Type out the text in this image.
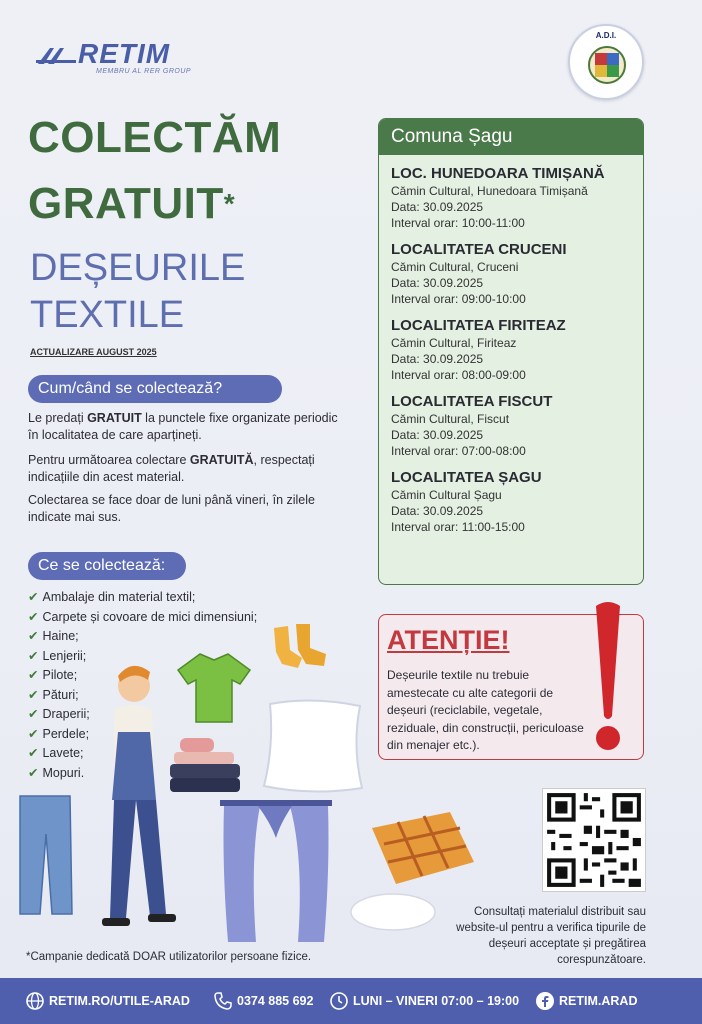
RETIM
MEMBRU AL RER GROUP
A.D.I.
COLECTĂM
GRATUIT*
DEȘEURILE
TEXTILE
ACTUALIZARE AUGUST 2025
Cum/când se colectează?

Le predați GRATUIT la punctele fixe organizate periodic în localitatea de care aparțineți.

Pentru următoarea colectare GRATUITĂ, respectați indicațiile din acest material.

Colectarea se face doar de luni până vineri, în zilele indicate mai sus.

Ce se colectează:
✔ Ambalaje din material textil;
✔ Carpete și covoare de mici dimensiuni;
✔ Haine;
✔ Lenjerii;
✔ Pilote;
✔ Pături;
✔ Draperii;
✔ Perdele;
✔ Lavete;
✔ Mopuri.
Comuna Șagu
LOC. HUNEDOARA TIMIȘANĂ
Cămin Cultural, Hunedoara Timișană
Data: 30.09.2025
Interval orar: 10:00-11:00
LOCALITATEA CRUCENI
Cămin Cultural, Cruceni
Data: 30.09.2025
Interval orar: 09:00-10:00
LOCALITATEA FIRITEAZ
Cămin Cultural, Firiteaz
Data: 30.09.2025
Interval orar: 08:00-09:00
LOCALITATEA FISCUT
Cămin Cultural, Fiscut
Data: 30.09.2025
Interval orar: 07:00-08:00
LOCALITATEA ȘAGU
Cămin Cultural Șagu
Data: 30.09.2025
Interval orar: 11:00-15:00
ATENȚIE!
Deșeurile textile nu trebuie amestecate cu alte categorii de deșeuri (reciclabile, vegetale, reziduale, din construcții, periculoase din menajer etc.).
Consultați materialul distribuit sau website-ul pentru a verifica tipurile de deșeuri acceptate și pregătirea corespunzătoare.
*Campanie dedicată DOAR utilizatorilor persoane fizice.
RETIM.RO/UTILE-ARAD	0374 885 692	LUNI – VINERI 07:00 – 19:00	RETIM.ARAD
